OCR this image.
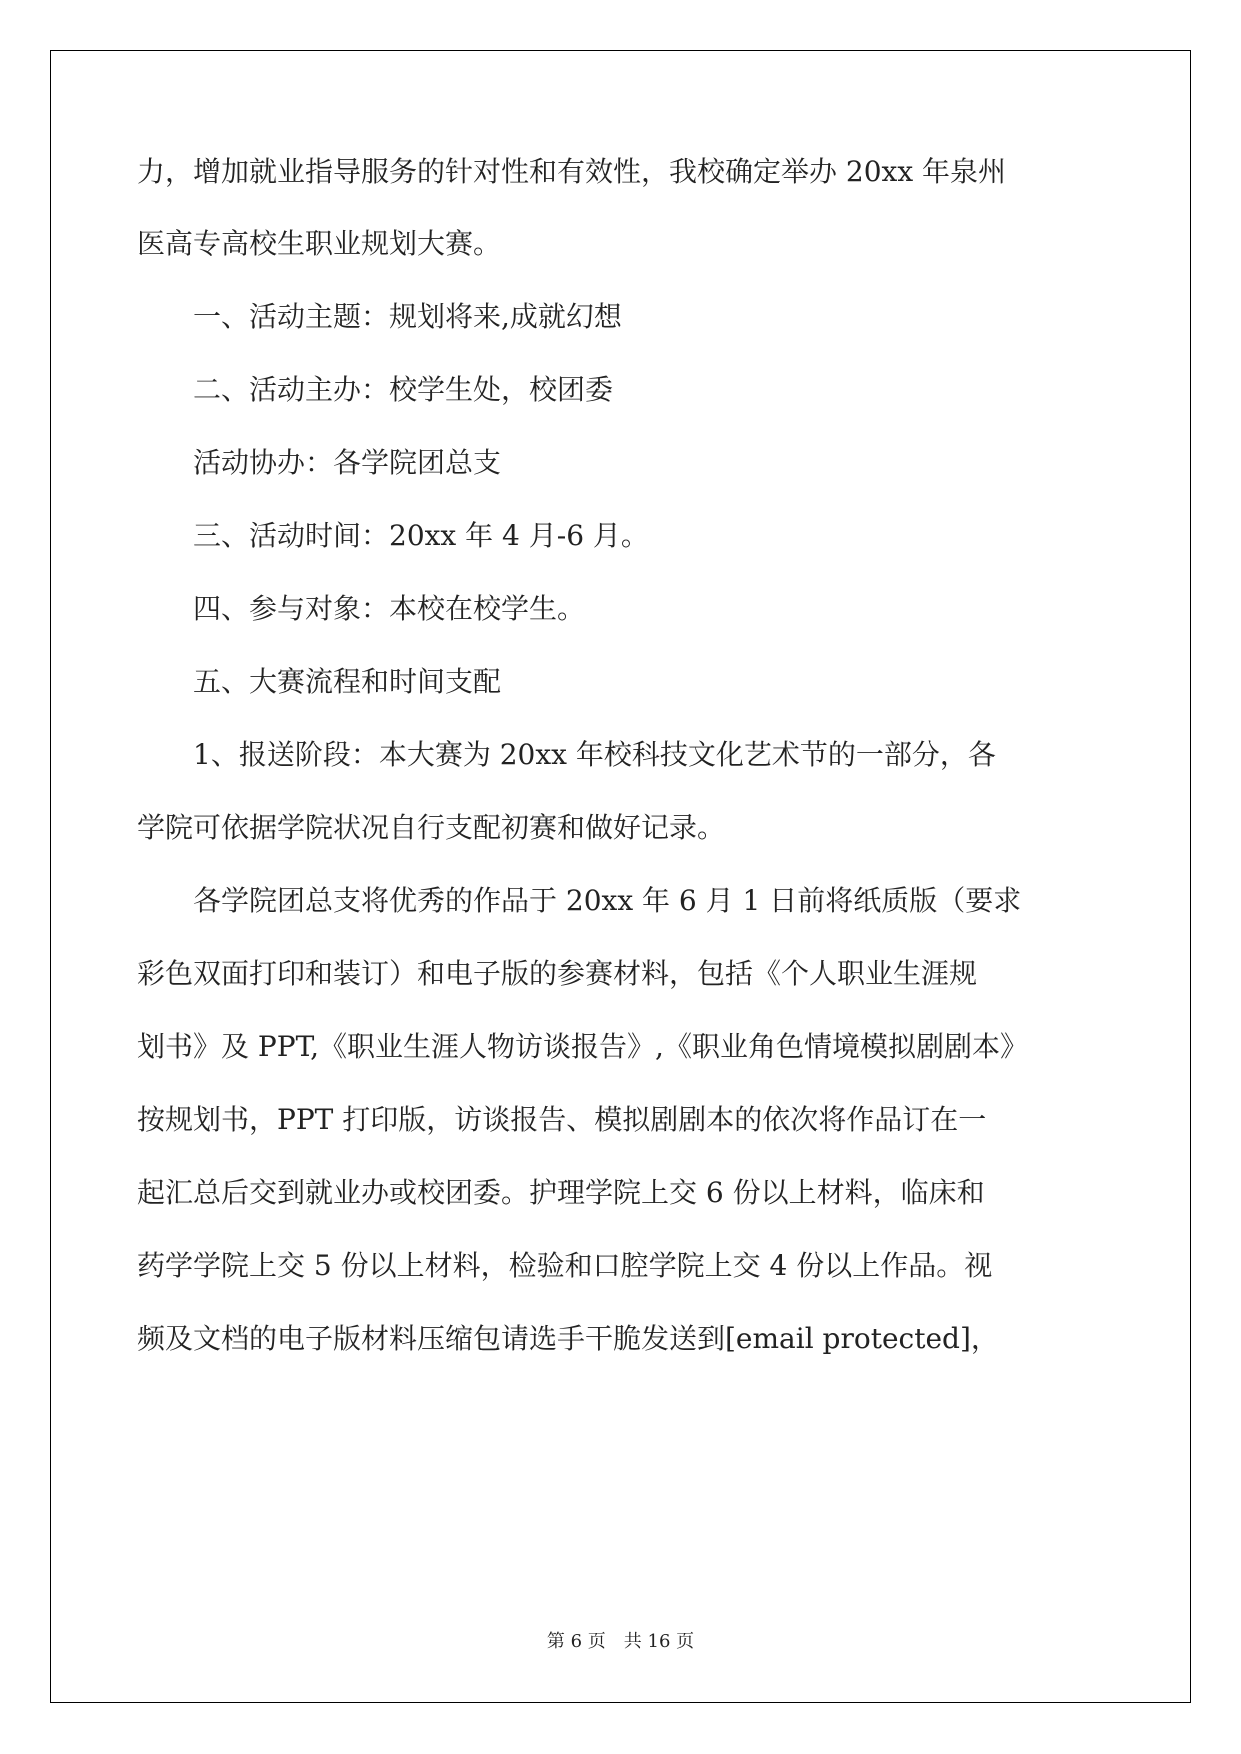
力，增加就业指导服务的针对性和有效性，我校确定举办 20xx 年泉州
医高专高校生职业规划大赛。
一、活动主题：规划将来,成就幻想
二、活动主办：校学生处，校团委
活动协办：各学院团总支
三、活动时间：20xx 年 4 月-6 月。
四、参与对象：本校在校学生。
五、大赛流程和时间支配
1、报送阶段：本大赛为 20xx 年校科技文化艺术节的一部分，各
学院可依据学院状况自行支配初赛和做好记录。
各学院团总支将优秀的作品于 20xx 年 6 月 1 日前将纸质版（要求
彩色双面打印和装订）和电子版的参赛材料，包括《个人职业生涯规
划书》及 PPT,《职业生涯人物访谈报告》,《职业角色情境模拟剧剧本》
按规划书，PPT 打印版，访谈报告、模拟剧剧本的依次将作品订在一
起汇总后交到就业办或校团委。护理学院上交 6 份以上材料，临床和
药学学院上交 5 份以上材料，检验和口腔学院上交 4 份以上作品。视
频及文档的电子版材料压缩包请选手干脆发送到[email protected]，
第 6 页　共 16 页
